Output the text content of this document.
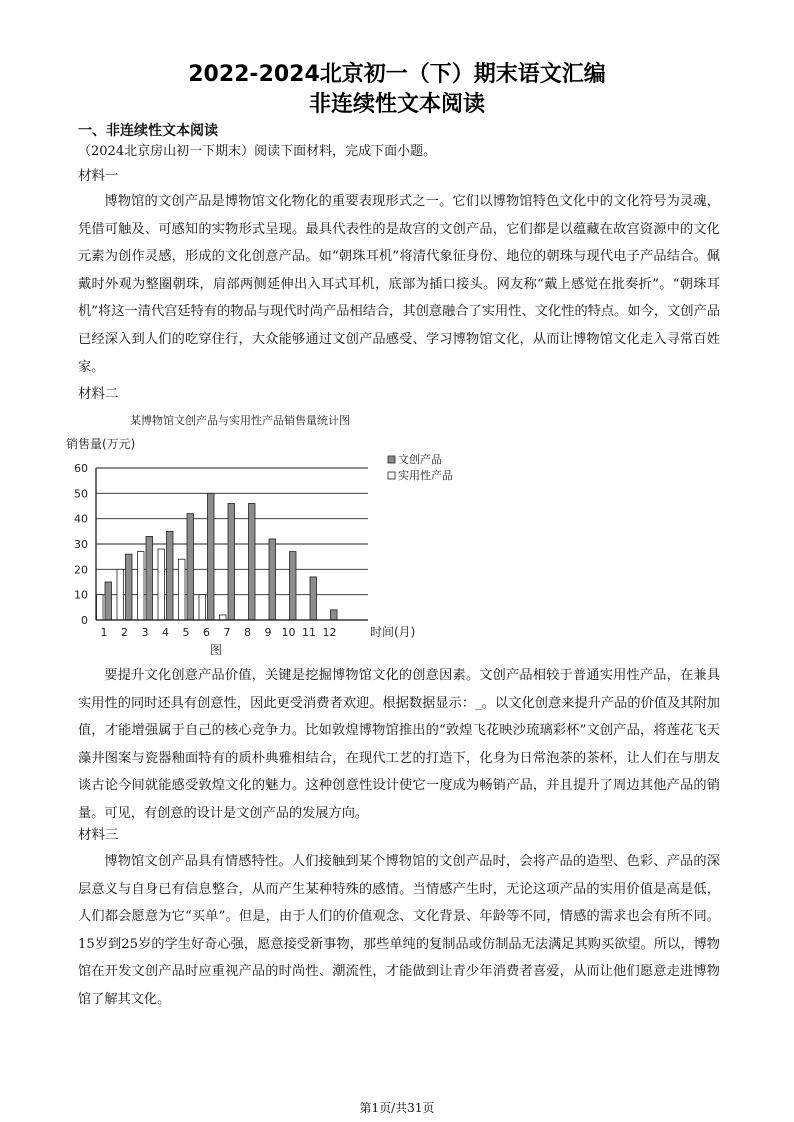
2022-2024北京初一（下）期末语文汇编
非连续性文本阅读
一、非连续性文本阅读
（2024北京房山初一下期末）阅读下面材料，完成下面小题。
材料一

博物馆的文创产品是博物馆文化物化的重要表现形式之一。它们以博物馆特色文化中的文化符号为灵魂，凭借可触及、可感知的实物形式呈现。最具代表性的是故宫的文创产品，它们都是以蕴藏在故宫资源中的文化元素为创作灵感，形成的文化创意产品。如“朝珠耳机”将清代象征身份、地位的朝珠与现代电子产品结合。佩戴时外观为整圈朝珠，肩部两侧延伸出入耳式耳机，底部为插口接头。网友称“戴上感觉在批奏折”。“朝珠耳机”将这一清代宫廷特有的物品与现代时尚产品相结合，其创意融合了实用性、文化性的特点。如今，文创产品已经深入到人们的吃穿住行，大众能够通过文创产品感受、学习博物馆文化，从而让博物馆文化走入寻常百姓家。

材料二
某博物馆文创产品与实用性产品销售量统计图
销售量(万元)
时间(月)
图
0
10
20
30
40
50
60
1 2 3 4 5 6 7 8 9 10 11 12
文创产品
实用性产品

要提升文化创意产品价值，关键是挖掘博物馆文化的创意因素。文创产品相较于普通实用性产品，在兼具实用性的同时还具有创意性，因此更受消费者欢迎。根据数据显示：_。以文化创意来提升产品的价值及其附加值，才能增强属于自己的核心竞争力。比如敦煌博物馆推出的“敦煌飞花映沙琉璃彩杯”文创产品，将莲花飞天藻井图案与瓷器釉面特有的质朴典雅相结合，在现代工艺的打造下，化身为日常泡茶的茶杯，让人们在与朋友谈古论今间就能感受敦煌文化的魅力。这种创意性设计使它一度成为畅销产品，并且提升了周边其他产品的销量。可见，有创意的设计是文创产品的发展方向。

材料三

博物馆文创产品具有情感特性。人们接触到某个博物馆的文创产品时，会将产品的造型、色彩、产品的深层意义与自身已有信息整合，从而产生某种特殊的感情。当情感产生时，无论这项产品的实用价值是高是低，人们都会愿意为它“买单”。但是，由于人们的价值观念、文化背景、年龄等不同，情感的需求也会有所不同。15岁到25岁的学生好奇心强，愿意接受新事物，那些单纯的复制品或仿制品无法满足其购买欲望。所以，博物馆在开发文创产品时应重视产品的时尚性、潮流性，才能做到让青少年消费者喜爱，从而让他们愿意走进博物馆了解其文化。

第1页/共31页
